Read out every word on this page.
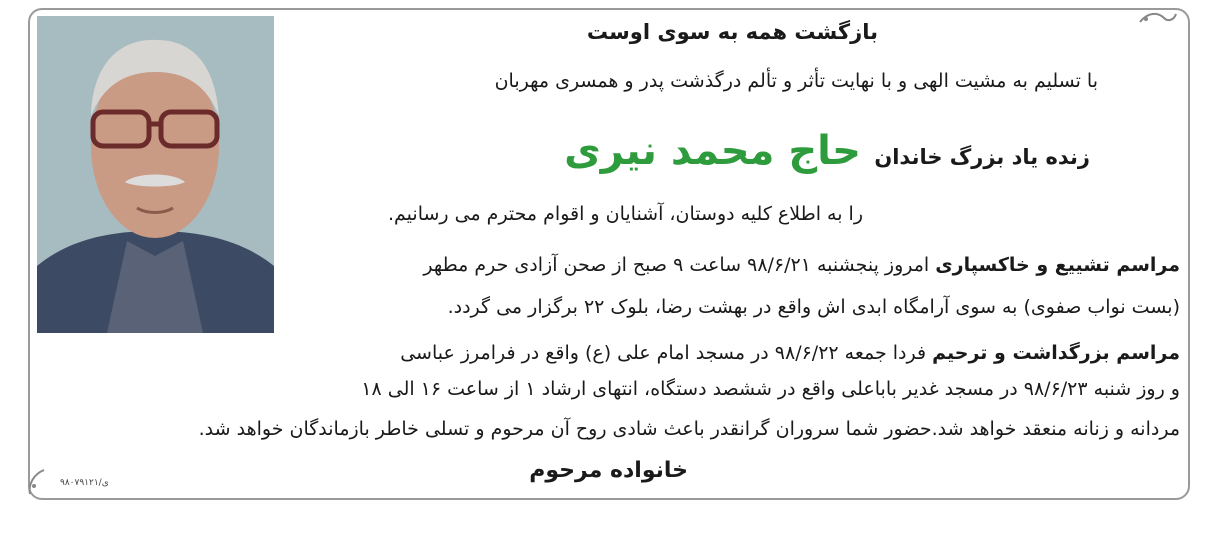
بازگشت همه به سوی اوست
با تسلیم به مشیت الهی و با نهایت تأثر و تألم درگذشت پدر و همسری مهربان
زنده یاد بزرگ خاندان حاج محمد نیری
را به اطلاع کلیه دوستان، آشنایان و اقوام محترم می رسانیم.
مراسم تشییع و خاکسپاری امروز پنجشنبه ۹۸/۶/۲۱ ساعت ۹ صبح از صحن آزادی حرم مطهر
(بست نواب صفوی) به سوی آرامگاه ابدی اش واقع در بهشت رضا، بلوک ۲۲ برگزار می گردد.
مراسم بزرگداشت و ترحیم فردا جمعه ۹۸/۶/۲۲ در مسجد امام علی (ع) واقع در فرامرز عباسی
و روز شنبه ۹۸/۶/۲۳ در مسجد غدیر باباعلی واقع در ششصد دستگاه، انتهای ارشاد ۱ از ساعت ۱۶ الی ۱۸
مردانه و زنانه منعقد خواهد شد.حضور شما سروران گرانقدر باعث شادی روح آن مرحوم و تسلی خاطر بازماندگان خواهد شد.
خانواده مرحوم
ی/۹۸۰۷۹۱۲۱
